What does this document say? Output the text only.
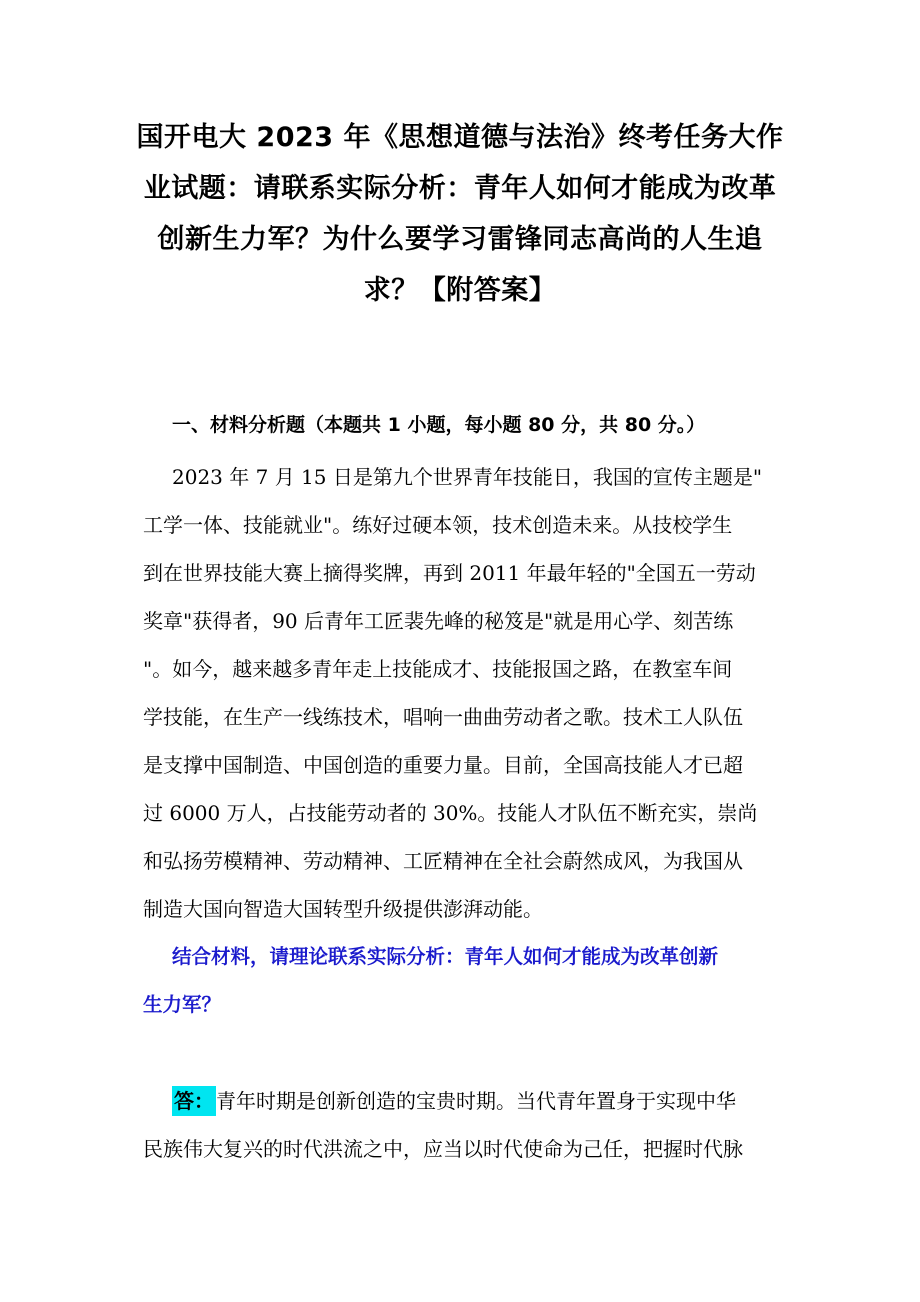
国开电大 2023 年《思想道德与法治》终考任务大作
业试题：请联系实际分析：青年人如何才能成为改革
创新生力军？为什么要学习雷锋同志高尚的人生追
求？【附答案】
一、材料分析题（本题共 1 小题，每小题 80 分，共 80 分。）
2023 年 7 月 15 日是第九个世界青年技能日，我国的宣传主题是"
工学一体、技能就业"。练好过硬本领，技术创造未来。从技校学生
到在世界技能大赛上摘得奖牌，再到 2011 年最年轻的"全国五一劳动
奖章"获得者，90 后青年工匠裴先峰的秘笈是"就是用心学、刻苦练
"。如今，越来越多青年走上技能成才、技能报国之路，在教室车间
学技能，在生产一线练技术，唱响一曲曲劳动者之歌。技术工人队伍
是支撑中国制造、中国创造的重要力量。目前，全国高技能人才已超
过 6000 万人，占技能劳动者的 30%。技能人才队伍不断充实，崇尚
和弘扬劳模精神、劳动精神、工匠精神在全社会蔚然成风，为我国从
制造大国向智造大国转型升级提供澎湃动能。
结合材料，请理论联系实际分析：青年人如何才能成为改革创新
生力军？
答： 青年时期是创新创造的宝贵时期。当代青年置身于实现中华
民族伟大复兴的时代洪流之中，应当以时代使命为己任，把握时代脉
